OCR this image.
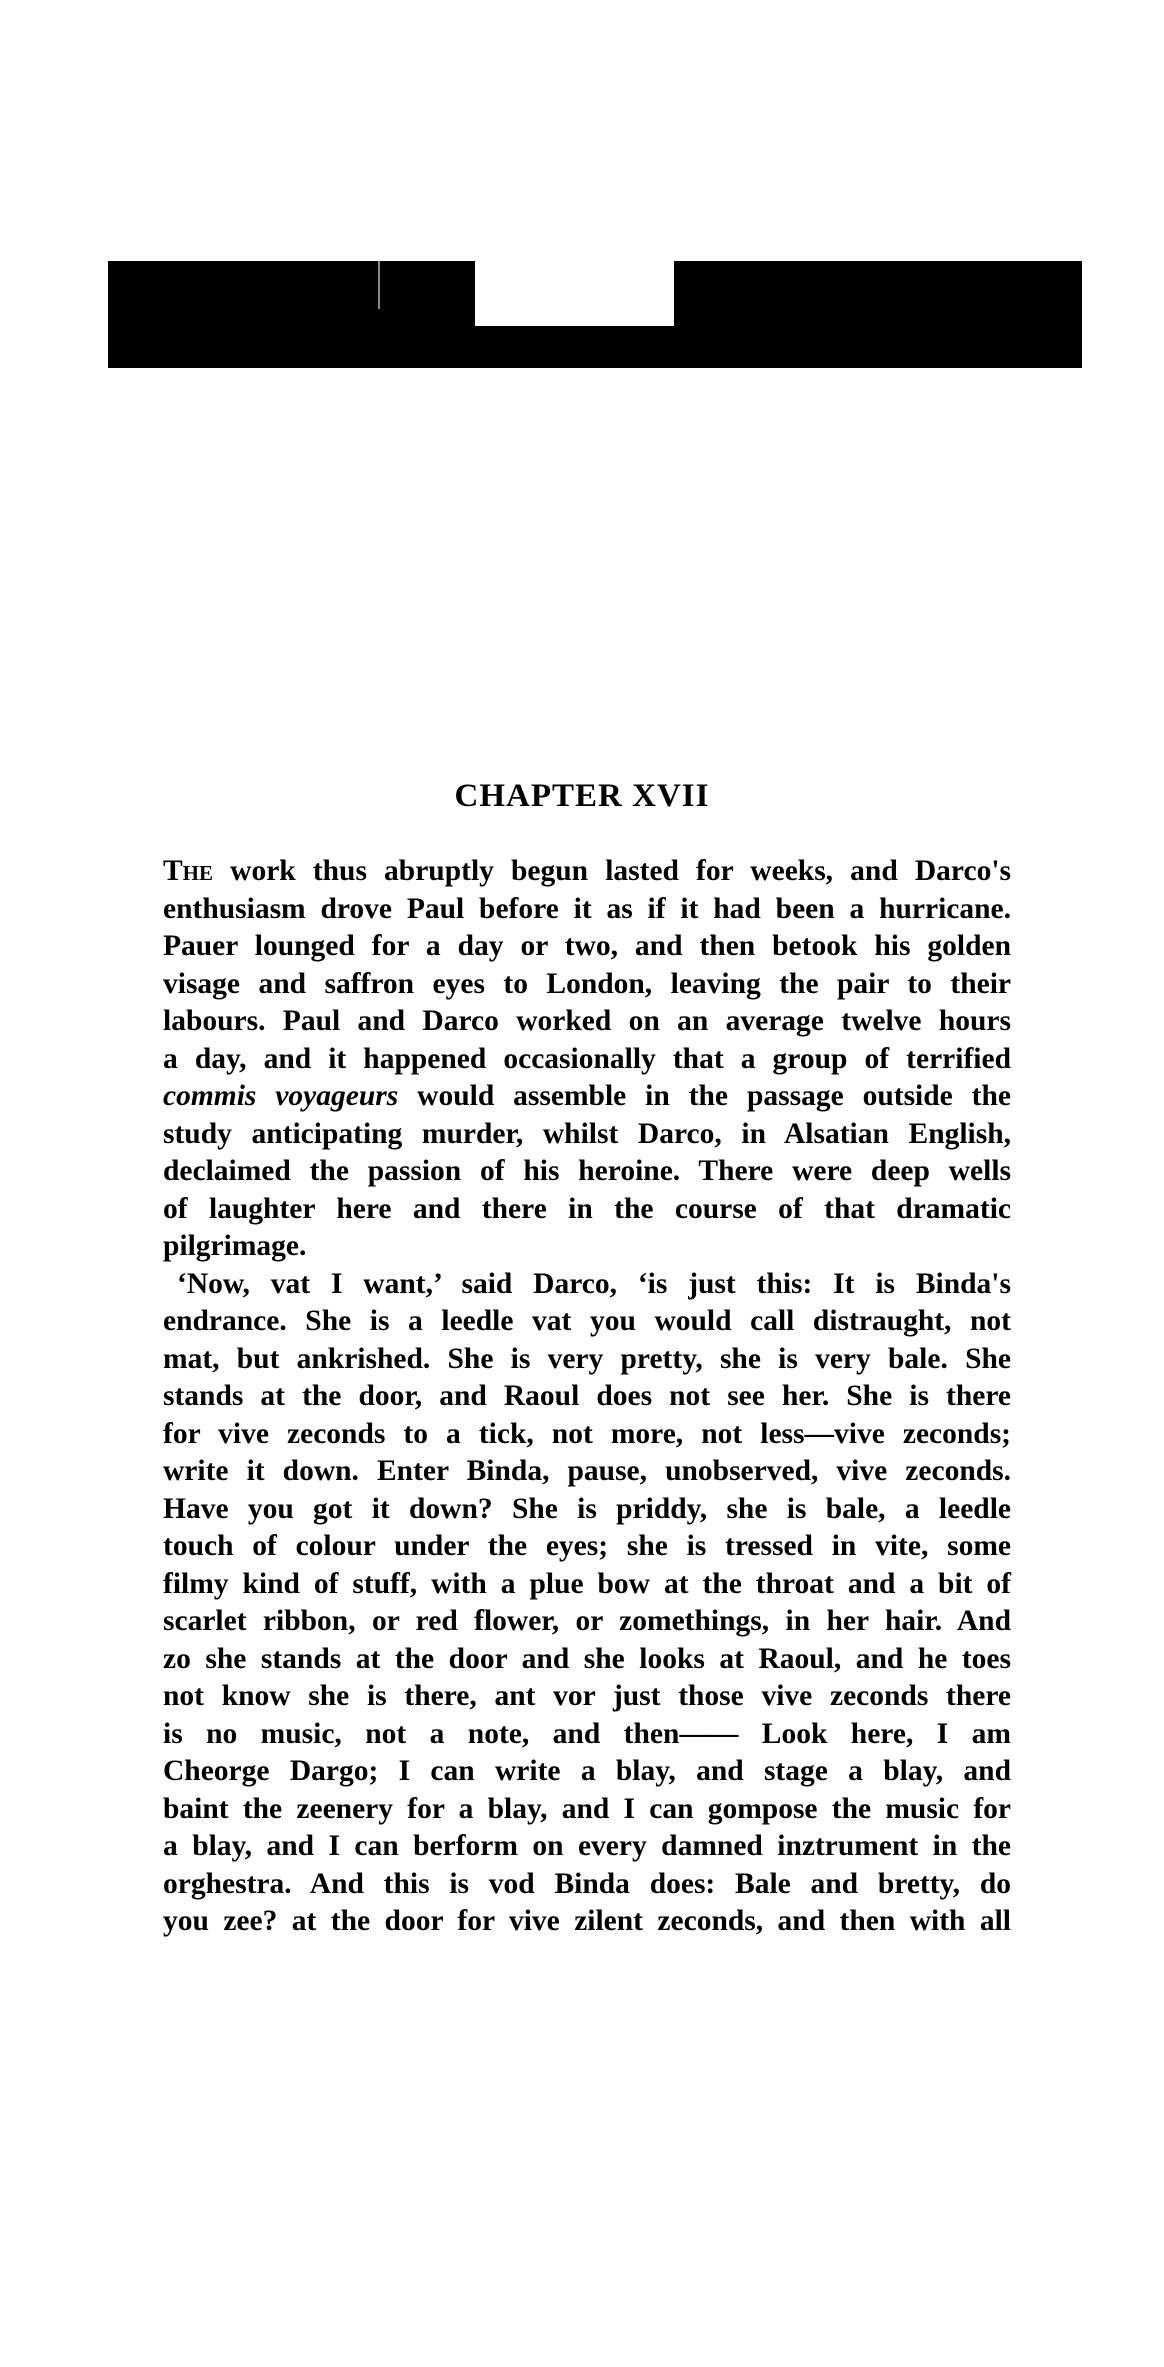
CHAPTER XVII
The work thus abruptly begun lasted for weeks, and Darco's
enthusiasm drove Paul before it as if it had been a hurricane.
Pauer lounged for a day or two, and then betook his golden
visage and saffron eyes to London, leaving the pair to their
labours. Paul and Darco worked on an average twelve hours
a day, and it happened occasionally that a group of terrified
commis voyageurs would assemble in the passage outside the
study anticipating murder, whilst Darco, in Alsatian English,
declaimed the passion of his heroine. There were deep wells
of laughter here and there in the course of that dramatic
pilgrimage.
‘Now, vat I want,’ said Darco, ‘is just this: It is Binda's
endrance. She is a leedle vat you would call distraught, not
mat, but ankrished. She is very pretty, she is very bale. She
stands at the door, and Raoul does not see her. She is there
for vive zeconds to a tick, not more, not less—vive zeconds;
write it down. Enter Binda, pause, unobserved, vive zeconds.
Have you got it down? She is priddy, she is bale, a leedle
touch of colour under the eyes; she is tressed in vite, some
filmy kind of stuff, with a plue bow at the throat and a bit of
scarlet ribbon, or red flower, or zomethings, in her hair. And
zo she stands at the door and she looks at Raoul, and he toes
not know she is there, ant vor just those vive zeconds there
is no music, not a note, and then—— Look here, I am
Cheorge Dargo; I can write a blay, and stage a blay, and
baint the zeenery for a blay, and I can gompose the music for
a blay, and I can berform on every damned inztrument in the
orghestra. And this is vod Binda does: Bale and bretty, do
you zee? at the door for vive zilent zeconds, and then with all
